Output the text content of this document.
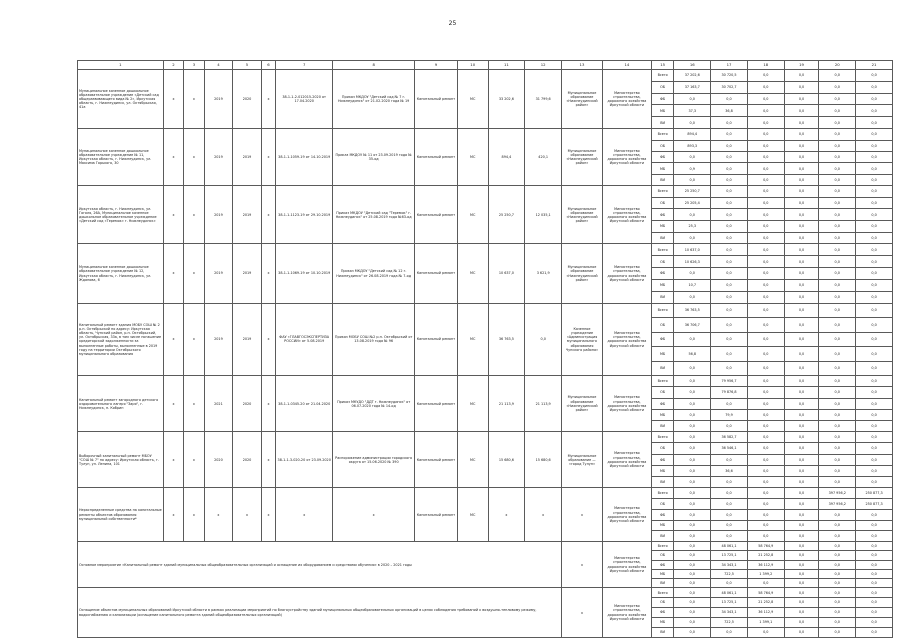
25
1	2	3	4	5	6	7	8	9	10	11	12	13	14	15	16	17	18	19	20	21
Муниципальное казенное дошкольное образовательное учреждение «Детский сад общеразвивающего вида № 2», Иркутская область, г. Нижнеудинск, ул. Октябрьская, 41а	х	х	2019	2020	х	38-1-1-2-012015-2020 от 17.04.2020	Приказ МКДОУ "Детский сад № 7 г. Нижнеудинск" от 21.02.2020 года № 19	Капитальный ремонт	МС	33 202,6	31 799,6	Муниципальное образование «Нижнеудинский район»	Министерство строительства, дорожного хозяйства Иркутской области	Всего	37 202,6	30 720,5	0,0	0,0	0,0	0,0
														ОБ	37 163,7	30 702,7	0,0	0,0	0,0	0,0
														ФБ	0,0	0,0	0,0	0,0	0,0	0,0
														МБ	37,3	36,8	0,0	0,0	0,0	0,0
														ВИ	0,0	0,0	0,0	0,0	0,0	0,0
Муниципальное казенное дошкольное образовательное учреждение № 11, Иркутская область, г. Нижнеудинск, ул. Максима Горького, 30	х	х	2019	2019	х	38-1-1-1059-19 от 14.10.2019	Приказ МКДОУ № 11 от 23.09.2019 года № 35-од	Капитальный ремонт	МС	894,4	420,1	Муниципальное образование «Нижнеудинский район»	Министерство строительства, дорожного хозяйства Иркутской области	Всего	894,4	0,0	0,0	0,0	0,0	0,0
														ОБ	893,3	0,0	0,0	0,0	0,0	0,0
														ФБ	0,0	0,0	0,0	0,0	0,0	0,0
														МБ	0,9	0,0	0,0	0,0	0,0	0,0
														ВИ	0,0	0,0	0,0	0,0	0,0	0,0
Иркутская область, г. Нижнеудинск, ул. Гоголя, 26А, Муниципальное казенное дошкольное образовательное учреждение «Детский сад «Теремок» г. Нижнеудинск»	х	х	2019	2019	х	38-1-1-1123-19 от 29.10.2019	Приказ МКДОУ "Детский сад "Теремок" г. Нижнеудинск" от 25.08.2019 года №63-од	Капитальный ремонт	МС	25 250,7	12 035,1	Муниципальное образование «Нижнеудинский район»	Министерство строительства, дорожного хозяйства Иркутской области	Всего	25 250,7	0,0	0,0	0,0	0,0	0,0
														ОБ	25 205,4	0,0	0,0	0,0	0,0	0,0
														ФБ	0,0	0,0	0,0	0,0	0,0	0,0
														МБ	25,3	0,0	0,0	0,0	0,0	0,0
														ВИ	0,0	0,0	0,0	0,0	0,0	0,0
Муниципальное казенное дошкольное образовательное учреждение № 12, Иркутская область, г. Нижнеудинск, ул. Жданова, 6	х	х	2019	2019	х	38-1-1-1069-19 от 10.10.2019	Приказ МКДОУ "Детский сад № 12 г. Нижнеудинск" от 26.08.2019 года № 7-од	Капитальный ремонт	МС	10 637,0	3 621,9	Муниципальное образование «Нижнеудинский район»	Министерство строительства, дорожного хозяйства Иркутской области	Всего	10 637,0	0,0	0,0	0,0	0,0	0,0
														ОБ	10 626,3	0,0	0,0	0,0	0,0	0,0
														ФБ	0,0	0,0	0,0	0,0	0,0	0,0
														МБ	10,7	0,0	0,0	0,0	0,0	0,0
														ВИ	0,0	0,0	0,0	0,0	0,0	0,0
Капитальный ремонт здания МОБУ СОШ № 2 р.п. Октябрьский по адресу: Иркутская область, Чунский район, р.п. Октябрьский, ул. Октябрьская, 33а, в том числе погашение кредиторской задолженности за выполненные работы, выполненные в 2019 году на территории Октябрьского муниципального образования	х	х	2019	2019	х	ФАУ «ГЛАВГОСЭКСПЕРТИЗА РОССИИ» от 5.08.2019	Приказ МОБУ СОШ №2 р.п. Октябрьский от 13.08.2019 года № 96	Капитальный ремонт	МС	36 763,5	0,0	Казенное учреждение «Администрация муниципального образования Чунского района»	Министерство строительства, дорожного хозяйства Иркутской области	Всего	36 763,5	0,0	0,0	0,0	0,0	0,0
														ОБ	36 706,7	0,0	0,0	0,0	0,0	0,0
														ФБ	0,0	0,0	0,0	0,0	0,0	0,0
														МБ	56,8	0,0	0,0	0,0	0,0	0,0
														ВИ	0,0	0,0	0,0	0,0	0,0	0,0
Капитальный ремонт загородного детского оздоровительного лагеря "Заря", г. Нижнеудинск, п. Кобрин	х	х	2021	2020	х	38-1-1-0345-20 от 21.04.2020	Приказ МКУДО "ДДТ г. Нижнеудинск" от 06.07.2020 года № 14-од	Капитальный ремонт	МС	21 113,9	21 113,9	Муниципальное образование «Нижнеудинский район»	Министерство строительства, дорожного хозяйства Иркутской области	Всего	0,0	79 956,7	0,0	0,0	0,0	0,0
														ОБ	0,0	79 876,8	0,0	0,0	0,0	0,0
														ФБ	0,0	0,0	0,0	0,0	0,0	0,0
														МБ	0,0	79,9	0,0	0,0	0,0	0,0
														ВИ	0,0	0,0	0,0	0,0	0,0	0,0
Выборочный капитальный ремонт МБОУ "СОШ № 7" по адресу: Иркутская область, г. Тулун, ул. Ленина, 101	х	х	2020	2020	х	38-1-1-3-020-20 от 23.09.2020	Распоряжение администрации городского округа от 15.06.2020 № 390	Капитальный ремонт	МС	15 680,6	15 680,6	Муниципальное образование — «город Тулун»	Министерство строительства, дорожного хозяйства Иркутской области	Всего	0,0	36 582,7	0,0	0,0	0,0	0,0
														ОБ	0,0	36 546,1	0,0	0,0	0,0	0,0
														ФБ	0,0	0,0	0,0	0,0	0,0	0,0
														МБ	0,0	36,6	0,0	0,0	0,0	0,0
														ВИ	0,0	0,0	0,0	0,0	0,0	0,0
Нераспределенные средства на капитальные ремонты объектов образования муниципальной собственности*	х	х	х	х	х	х	х	Капитальный ремонт	МС	х	х	х	Министерство строительства, дорожного хозяйства Иркутской области	Всего	0,0	0,0	0,0	0,0	397 956,2	250 877,3
														ОБ	0,0	0,0	0,0	0,0	397 956,2	250 877,3
														ФБ	0,0	0,0	0,0	0,0	0,0	0,0
														МБ	0,0	0,0	0,0	0,0	0,0	0,0
														ВИ	0,0	0,0	0,0	0,0	0,0	0,0
Основное мероприятие «Капитальный ремонт зданий муниципальных общеобразовательных организаций и оснащение их оборудованием и средствами обучения» в 2020 – 2021 годы												х	Министерство строительства, дорожного хозяйства Иркутской области	Всего	0,0	48 061,1	58 764,9	0,0	0,0	0,0
														ОБ	0,0	13 725,1	21 252,8	0,0	0,0	0,0
														ФБ	0,0	34 343,1	36 112,9	0,0	0,0	0,0
														МБ	0,0	722,5	1 399,2	0,0	0,0	0,0
														ВИ	0,0	0,0	0,0	0,0	0,0	0,0
Оснащение объектов муниципальных образований Иркутской области в рамках реализации мероприятий по благоустройству зданий муниципальных общеобразовательных организаций в целях соблюдения требований к воздушно-тепловому режиму, водоснабжению и канализации (оснащение капитального ремонта зданий общеобразовательных организаций)												х	Министерство строительства, дорожного хозяйства Иркутской области	Всего	0,0	48 061,1	58 764,9	0,0	0,0	0,0
														ОБ	0,0	13 725,1	21 252,8	0,0	0,0	0,0
														ФБ	0,0	34 343,1	36 112,9	0,0	0,0	0,0
														МБ	0,0	722,5	1 399,1	0,0	0,0	0,0
														ВИ	0,0	0,0	0,0	0,0	0,0	0,0
